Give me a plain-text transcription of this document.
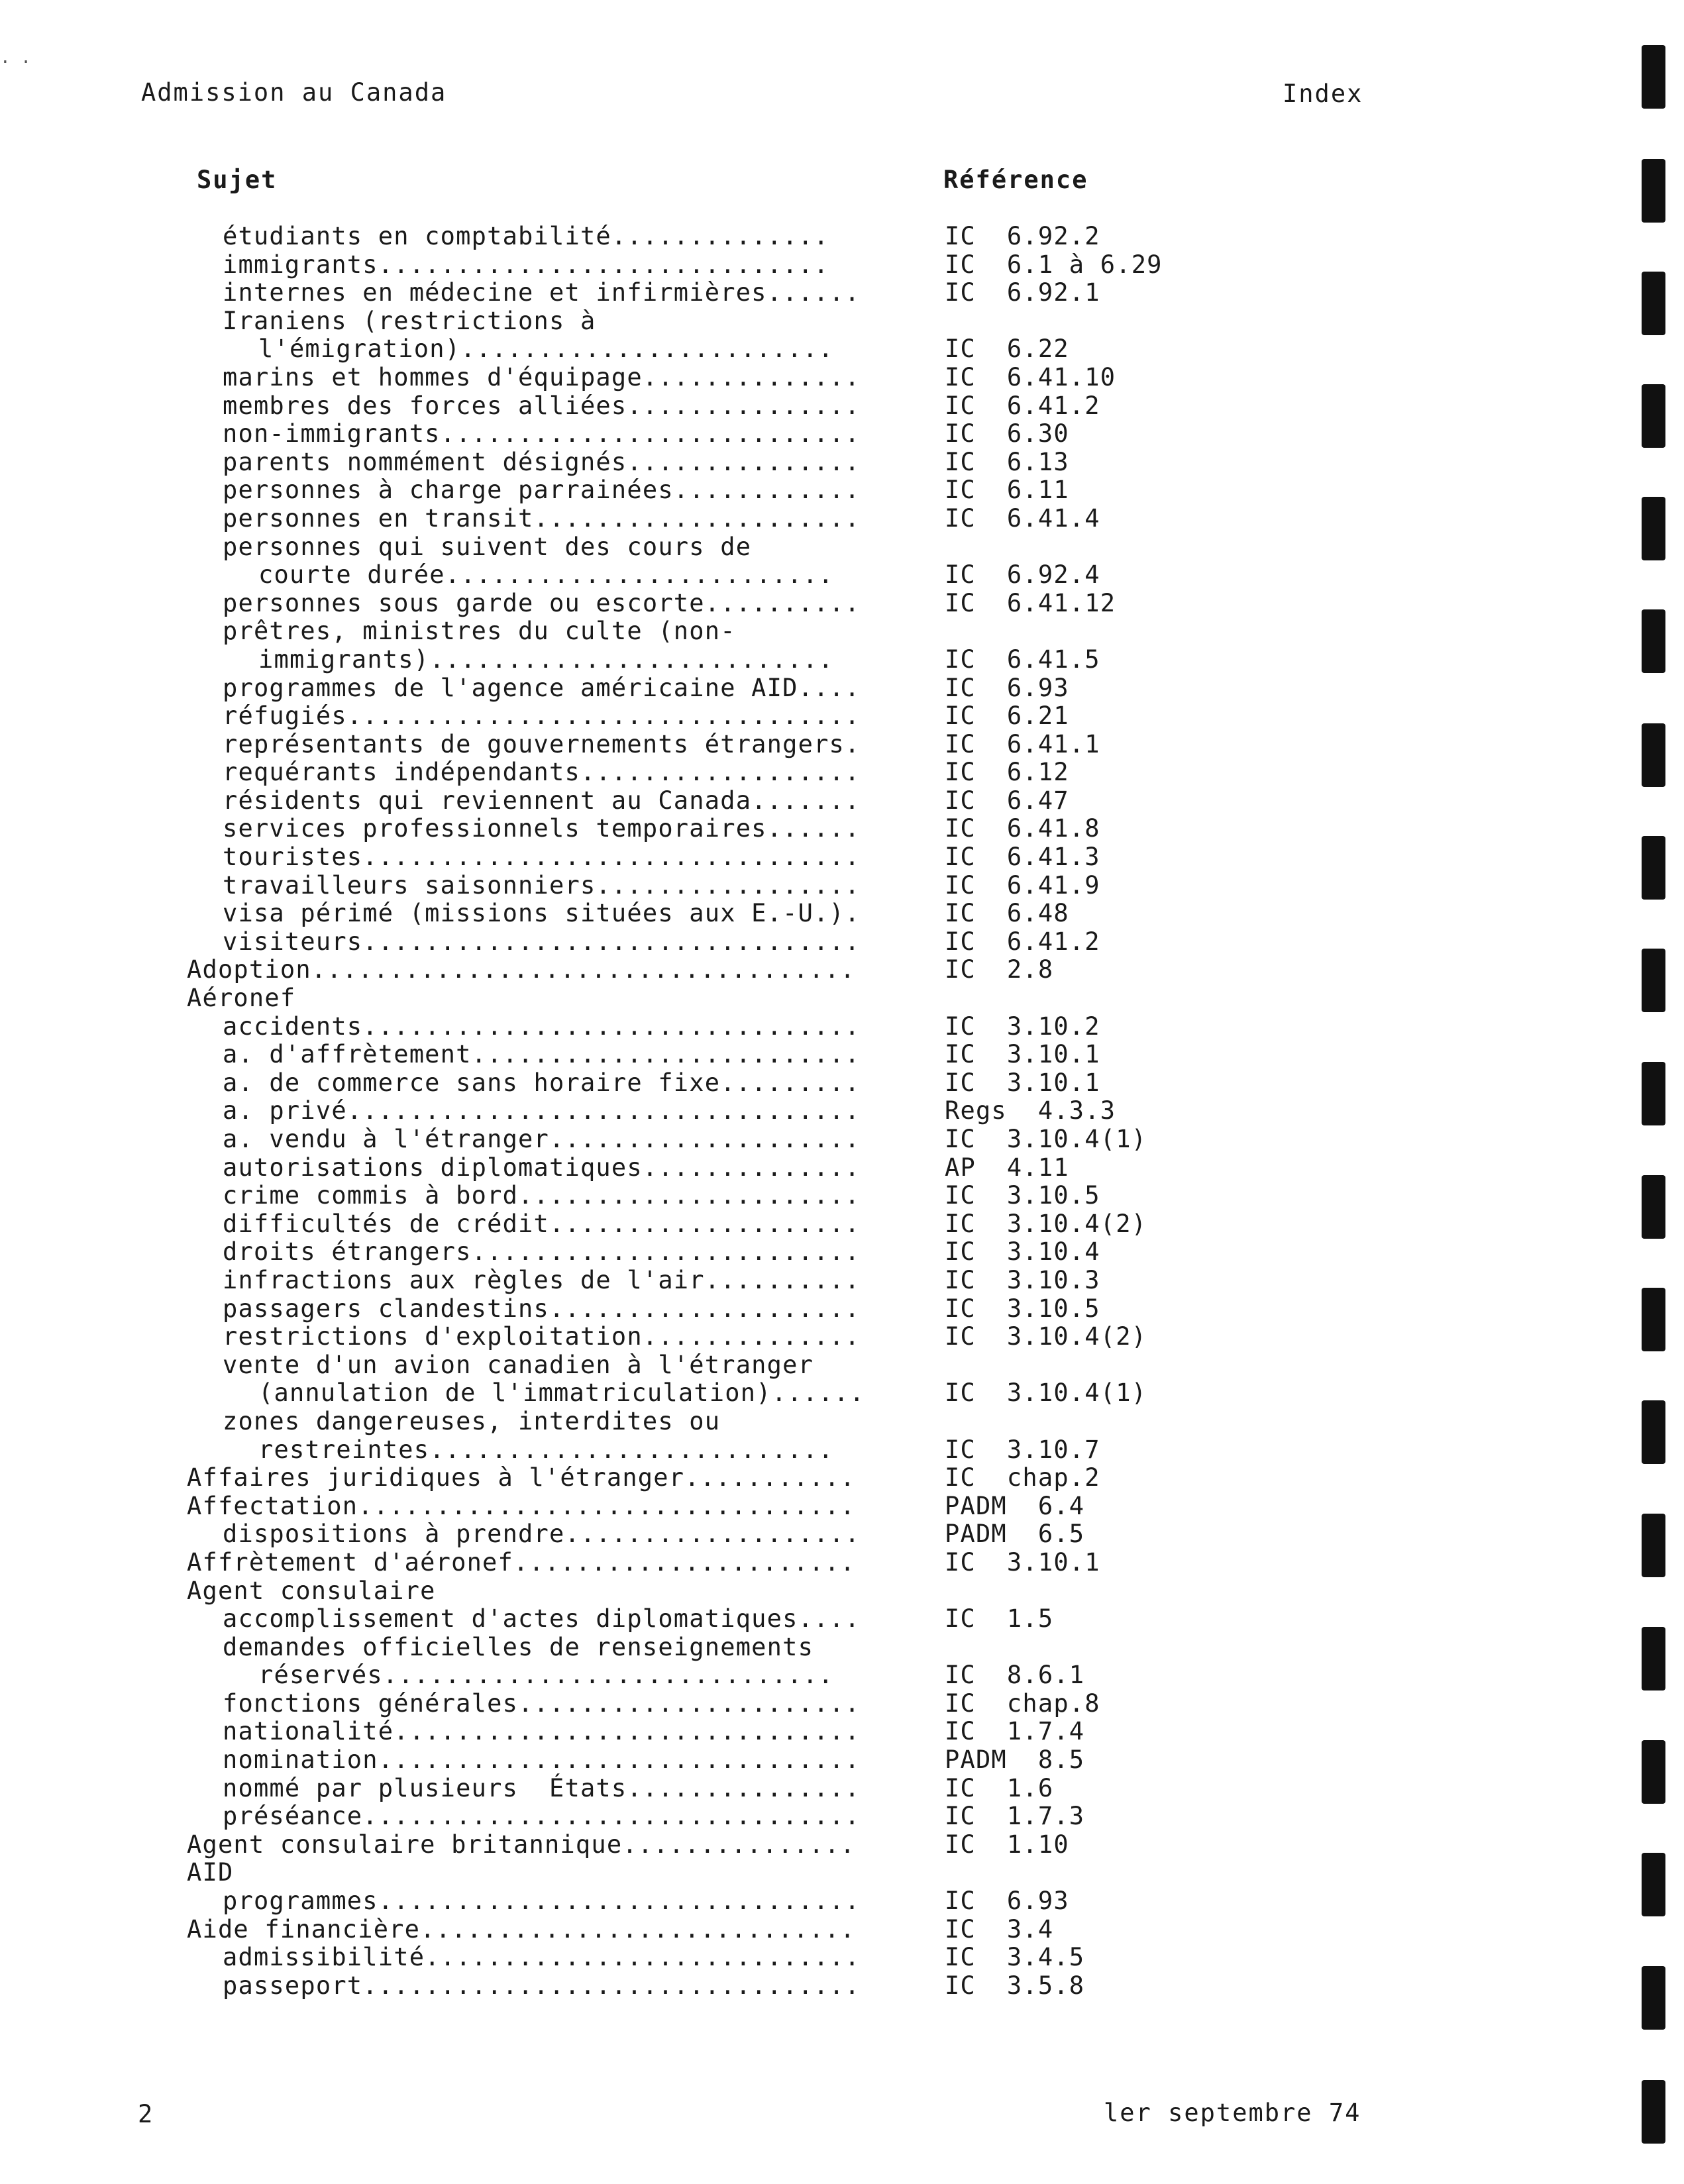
. .
Admission au Canada	Index
Sujet	Référence
étudiants en comptabilité..............	IC  6.92.2
immigrants.............................	IC  6.1 à 6.29
internes en médecine et infirmières......	IC  6.92.1
Iraniens (restrictions à
l'émigration)........................	IC  6.22
marins et hommes d'équipage..............	IC  6.41.10
membres des forces alliées...............	IC  6.41.2
non-immigrants...........................	IC  6.30
parents nommément désignés...............	IC  6.13
personnes à charge parrainées............	IC  6.11
personnes en transit.....................	IC  6.41.4
personnes qui suivent des cours de
courte durée.........................	IC  6.92.4
personnes sous garde ou escorte..........	IC  6.41.12
prêtres, ministres du culte (non-
immigrants)..........................	IC  6.41.5
programmes de l'agence américaine AID....	IC  6.93
réfugiés.................................	IC  6.21
représentants de gouvernements étrangers.	IC  6.41.1
requérants indépendants..................	IC  6.12
résidents qui reviennent au Canada.......	IC  6.47
services professionnels temporaires......	IC  6.41.8
touristes................................	IC  6.41.3
travailleurs saisonniers.................	IC  6.41.9
visa périmé (missions situées aux E.-U.).	IC  6.48
visiteurs................................	IC  6.41.2
Adoption...................................	IC  2.8
Aéronef
accidents................................	IC  3.10.2
a. d'affrètement.........................	IC  3.10.1
a. de commerce sans horaire fixe.........	IC  3.10.1
a. privé.................................	Regs  4.3.3
a. vendu à l'étranger....................	IC  3.10.4(1)
autorisations diplomatiques..............	AP  4.11
crime commis à bord......................	IC  3.10.5
difficultés de crédit....................	IC  3.10.4(2)
droits étrangers.........................	IC  3.10.4
infractions aux règles de l'air..........	IC  3.10.3
passagers clandestins....................	IC  3.10.5
restrictions d'exploitation..............	IC  3.10.4(2)
vente d'un avion canadien à l'étranger
(annulation de l'immatriculation)......	IC  3.10.4(1)
zones dangereuses, interdites ou
restreintes..........................	IC  3.10.7
Affaires juridiques à l'étranger...........	IC  chap.2
Affectation................................	PADM  6.4
dispositions à prendre...................	PADM  6.5
Affrètement d'aéronef......................	IC  3.10.1
Agent consulaire
accomplissement d'actes diplomatiques....	IC  1.5
demandes officielles de renseignements
réservés.............................	IC  8.6.1
fonctions générales......................	IC  chap.8
nationalité..............................	IC  1.7.4
nomination...............................	PADM  8.5
nommé par plusieurs  États...............	IC  1.6
préséance................................	IC  1.7.3
Agent consulaire britannique...............	IC  1.10
AID
programmes...............................	IC  6.93
Aide financière............................	IC  3.4
admissibilité............................	IC  3.4.5
passeport................................	IC  3.5.8
2	ler septembre 74
